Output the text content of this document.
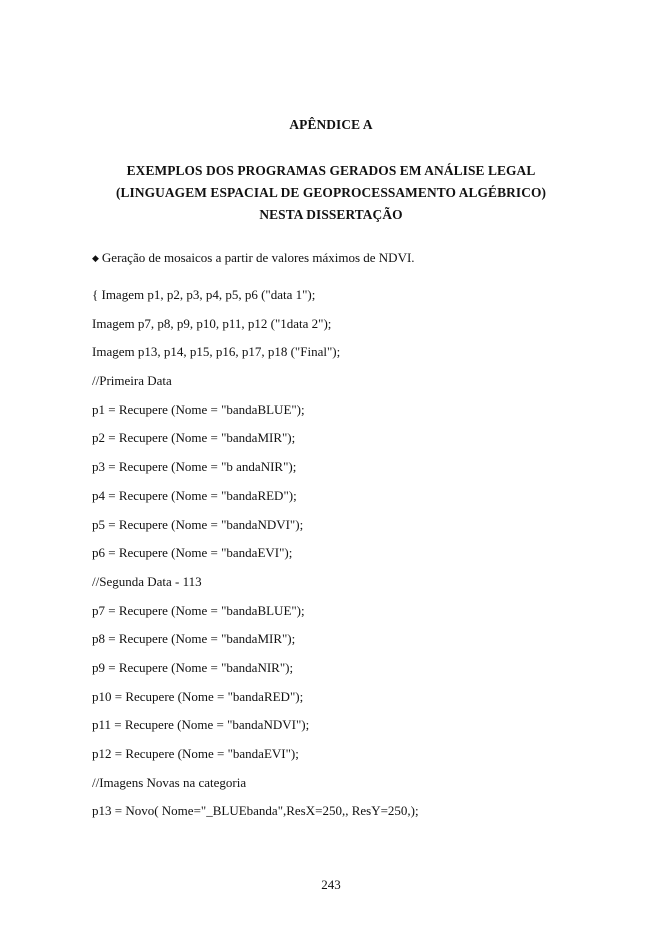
APÊNDICE A
EXEMPLOS DOS PROGRAMAS GERADOS EM ANÁLISE LEGAL
(LINGUAGEM ESPACIAL DE GEOPROCESSAMENTO ALGÉBRICO)
NESTA DISSERTAÇÃO
◆ Geração de mosaicos a partir de valores máximos de NDVI.
{ Imagem p1, p2, p3, p4, p5, p6 ("data 1");
Imagem p7, p8, p9, p10, p11, p12 ("1data 2");
Imagem p13, p14, p15, p16, p17, p18 ("Final");
//Primeira Data
p1 = Recupere (Nome = "bandaBLUE");
p2 = Recupere (Nome = "bandaMIR");
p3 = Recupere (Nome = "b andaNIR");
p4 = Recupere (Nome = "bandaRED");
p5 = Recupere (Nome = "bandaNDVI");
p6 = Recupere (Nome = "bandaEVI");
//Segunda Data - 113
p7 = Recupere (Nome = "bandaBLUE");
p8 = Recupere (Nome = "bandaMIR");
p9 = Recupere (Nome = "bandaNIR");
p10 = Recupere (Nome = "bandaRED");
p11 = Recupere (Nome = "bandaNDVI");
p12 = Recupere (Nome = "bandaEVI");
//Imagens Novas na categoria
p13 = Novo( Nome="_BLUEbanda",ResX=250,, ResY=250,);
243
